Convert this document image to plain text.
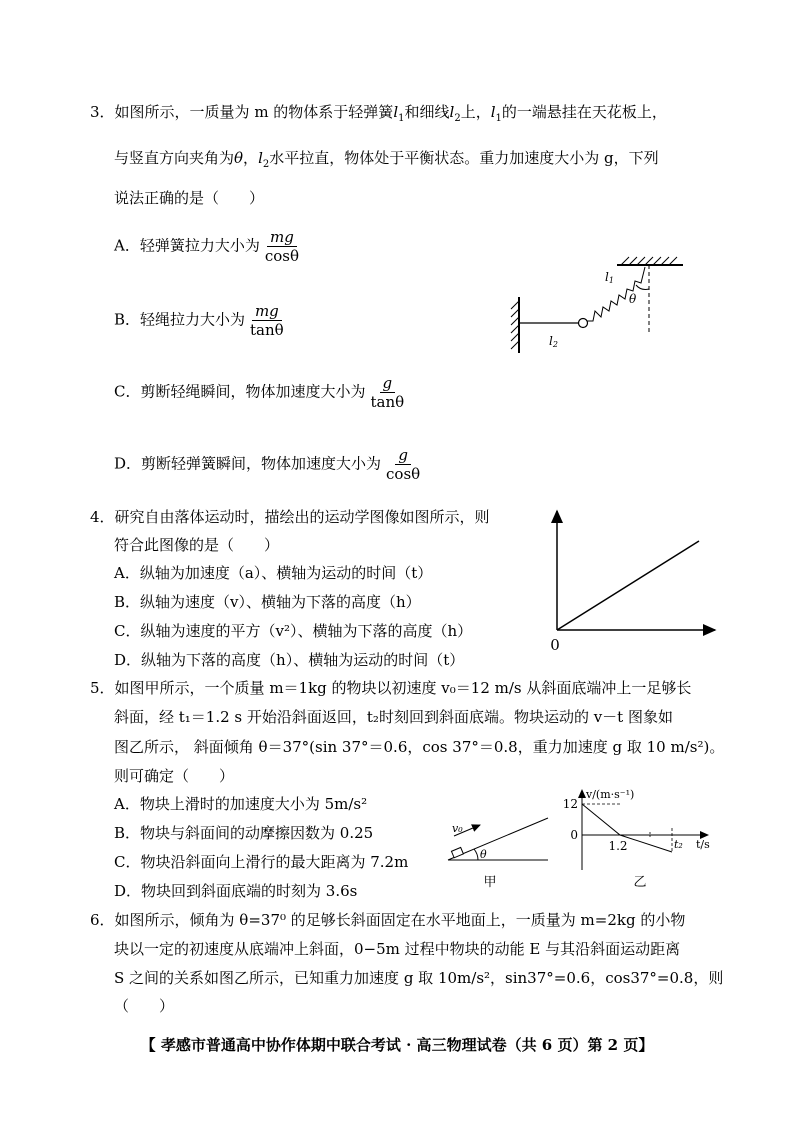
3．如图所示，一质量为 m 的物体系于轻弹簧$l_1$和细线$l_2$上，$l_1$的一端悬挂在天花板上，
与竖直方向夹角为θ，$l_2$水平拉直，物体处于平衡状态。重力加速度大小为 g，下列
说法正确的是（　　）
A．轻弹簧拉力大小为 $\frac{mg}{\cos\theta}$
B．轻绳拉力大小为 $\frac{mg}{\tan\theta}$
C．剪断轻绳瞬间，物体加速度大小为 $\frac{g}{\tan\theta}$
D．剪断轻弹簧瞬间，物体加速度大小为 $\frac{g}{\cos\theta}$
l1
θ
l2
4．研究自由落体运动时，描绘出的运动学图像如图所示，则
符合此图像的是（　　）
A．纵轴为加速度（a）、横轴为运动的时间（t）
B．纵轴为速度（v）、横轴为下落的高度（h）
C．纵轴为速度的平方（v²）、横轴为下落的高度（h）
D．纵轴为下落的高度（h）、横轴为运动的时间（t）
0
5．如图甲所示，一个质量 m＝1kg 的物块以初速度 v₀＝12 m/s 从斜面底端冲上一足够长
斜面，经 t₁＝1.2 s 开始沿斜面返回，t₂时刻回到斜面底端。物块运动的 v－t 图象如
图乙所示， 斜面倾角 θ＝37°(sin 37°＝0.6，cos 37°＝0.8，重力加速度 g 取 10 m/s²)。
则可确定（　　）
A．物块上滑时的加速度大小为 5m/s²
B．物块与斜面间的动摩擦因数为 0.25
C．物块沿斜面向上滑行的最大距离为 7.2m
D．物块回到斜面底端的时刻为 3.6s
v₀
θ
甲
v/(m·s⁻¹)
12
0
1.2	t₂ t/s
乙
6．如图所示，倾角为 θ=37⁰ 的足够长斜面固定在水平地面上，一质量为 m=2kg 的小物
块以一定的初速度从底端冲上斜面，0−5m 过程中物块的动能 E 与其沿斜面运动距离
S 之间的关系如图乙所示，已知重力加速度 g 取 10m/s²，sin37°=0.6，cos37°=0.8，则
（　　）
【 孝感市普通高中协作体期中联合考试 · 高三物理试卷（共 6 页）第 2 页】
